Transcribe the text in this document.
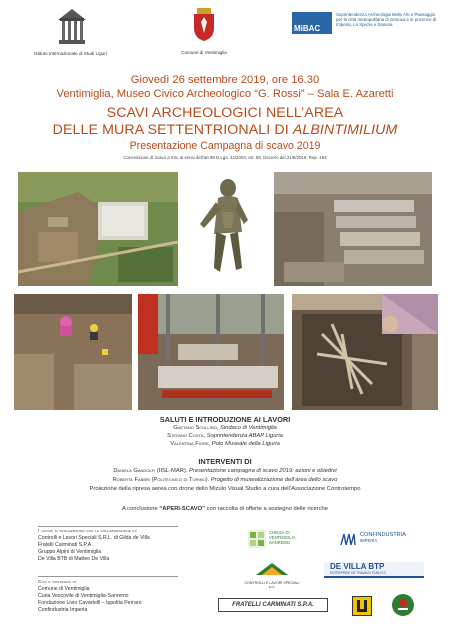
Istituto Internazionale di Studi Liguri	Comune di Ventimiglia
MiBAC
Soprintendenza Archeologia Belle Arti e Paesaggio per la città metropolitana di Genova e le province di Imperia, La Spezia e Savona
Giovedì 26 settembre 2019, ore 16.30
Ventimiglia, Museo Civico Archeologico “G. Rossi” – Sala E. Azaretti
SCAVI ARCHEOLOGICI NELL’AREA
DELLE MURA SETTENTRIONALI DI ALBINTIMILIUM
Presentazione Campagna di scavo 2019
Concessione di scavo a IISL ai sensi dell'art.89 D.Lgs. 42/2004, art. 89, Decreto del 21/8/2019, Rep. 453
SALUTI E INTRODUZIONE AI LAVORI
Gaetano Scullino, Sindaco di Ventimiglia
Stefano Costa, Soprintendenza ABAP Liguria
Valentina Fiore, Polo Museale della Liguria
INTERVENTI DI
Daniela Gandolfi (IISL-MAR). Presentazione campagna di scavo 2019: azioni e obiettivi
Roberta Fabbri (Politecnico di Torino). Progetto di musealizzazione dell’area dello scavo
Proiezione della ripresa aerea con drone dello Mizulo Visual Studio a cura dell’Associazione Controtempo
A conclusione “APERI-SCAVO” con raccolta di offerte a sostegno delle ricerche
I lavori si svolgeranno con la collaborazione di:
Controlli e Lavori Speciali S.R.L. di Gilda de Villa
Fratelli Carminati S.P.A.
Gruppo Alpini di Ventimiglia
De Villa BTB di Matteo De Villa
Con il sostegno di:
Comune di Ventimiglia
Curia Vescovile di Ventimiglia-Sanremo
Fondazione Livio Cavartelli – Ippolita Perraro
Confindustria Imperia
CHIESA DI VENTIMIGLIA SANREMO
CONFINDUSTRIA
IMPERIA
CONTROLLI E LAVORI SPECIALI s.r.l.
DE VILLA BTP
ENTREPRISE DE TRAVAUX PUBLICS
FRATELLI CARMINATI S.P.A.
